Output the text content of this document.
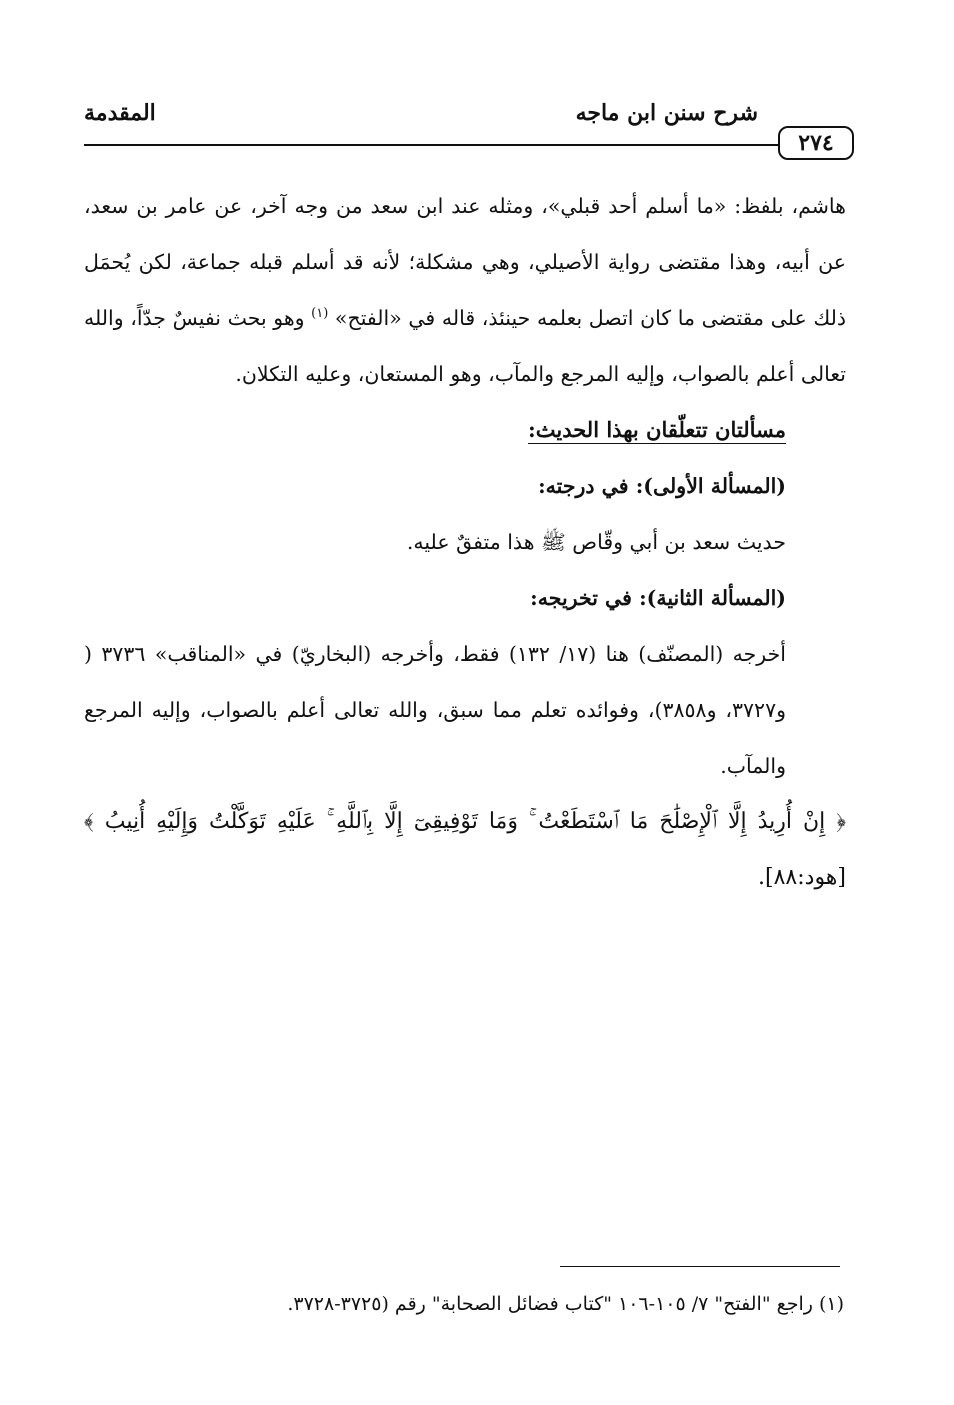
٢٧٤
شرح سنن ابن ماجه
المقدمة

هاشم، بلفظ: «ما أسلم أحد قبلي»، ومثله عند ابن سعد من وجه آخر، عن عامر بن سعد، عن أبيه، وهذا مقتضى رواية الأصيلي، وهي مشكلة؛ لأنه قد أسلم قبله جماعة، لكن يُحمَل ذلك على مقتضى ما كان اتصل بعلمه حينئذ، قاله في «الفتح» $^{(١)}$ وهو بحث نفيسٌ جدّاً، والله تعالى أعلم بالصواب، وإليه المرجع والمآب، وهو المستعان، وعليه التكلان.

مسألتان تتعلّقان بهذا الحديث:

(المسألة الأولى): في درجته:

حديث سعد بن أبي وقّاص ﷺ هذا متفقٌ عليه.

(المسألة الثانية): في تخريجه:

أخرجه (المصنّف) هنا (١٧/ ١٣٢) فقط، وأخرجه (البخاريّ) في «المناقب» ٣٧٣٦ ( و٣٧٢٧، و٣٨٥٨)، وفوائده تعلم مما سبق، والله تعالى أعلم بالصواب، وإليه المرجع والمآب.

﴿ إِنْ أُرِيدُ إِلَّا ٱلْإِصْلَٰحَ مَا ٱسْتَطَعْتُ ۚ وَمَا تَوْفِيقِىٓ إِلَّا بِٱللَّهِ ۚ عَلَيْهِ تَوَكَّلْتُ وَإِلَيْهِ أُنِيبُ ﴾ [هود:٨٨].

(١) راجع "الفتح" ٧/ ١٠٥-١٠٦ "كتاب فضائل الصحابة" رقم (٣٧٢٥-٣٧٢٨.
